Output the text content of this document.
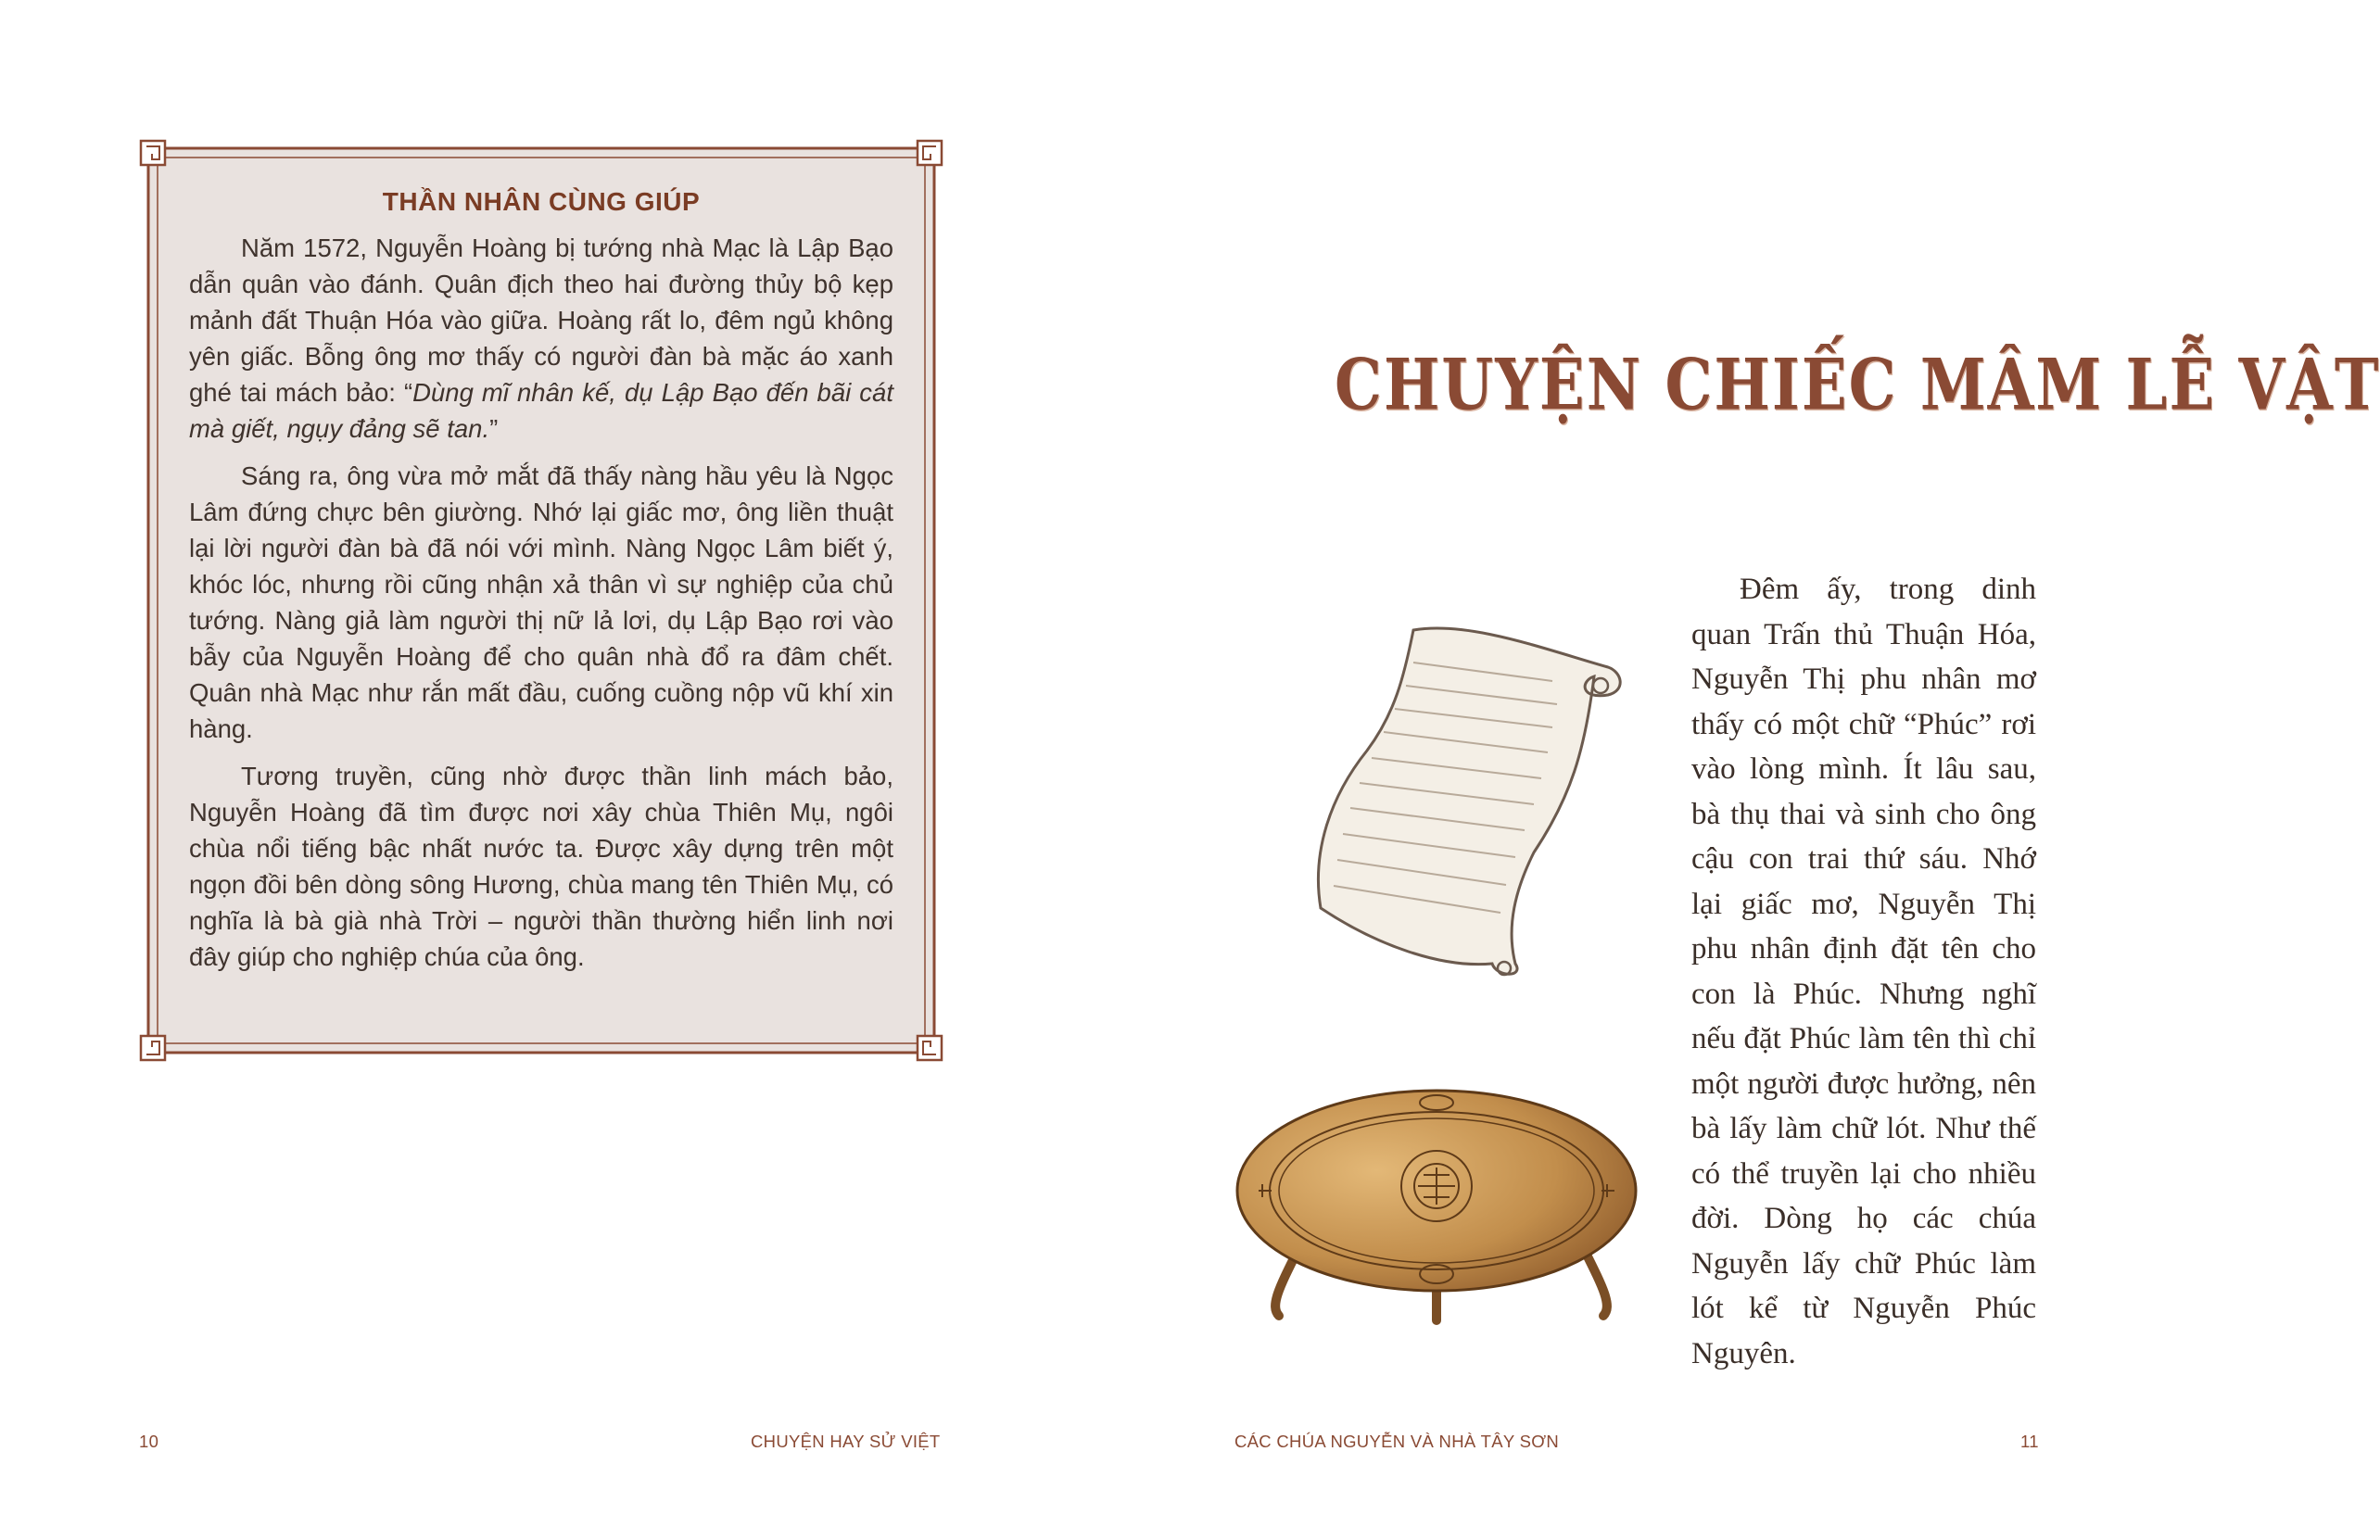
THẦN NHÂN CÙNG GIÚP

Năm 1572, Nguyễn Hoàng bị tướng nhà Mạc là Lập Bạo dẫn quân vào đánh. Quân địch theo hai đường thủy bộ kẹp mảnh đất Thuận Hóa vào giữa. Hoàng rất lo, đêm ngủ không yên giấc. Bỗng ông mơ thấy có người đàn bà mặc áo xanh ghé tai mách bảo: “Dùng mĩ nhân kế, dụ Lập Bạo đến bãi cát mà giết, ngụy đảng sẽ tan.”

Sáng ra, ông vừa mở mắt đã thấy nàng hầu yêu là Ngọc Lâm đứng chực bên giường. Nhớ lại giấc mơ, ông liền thuật lại lời người đàn bà đã nói với mình. Nàng Ngọc Lâm biết ý, khóc lóc, nhưng rồi cũng nhận xả thân vì sự nghiệp của chủ tướng. Nàng giả làm người thị nữ lả lơi, dụ Lập Bạo rơi vào bẫy của Nguyễn Hoàng để cho quân nhà đổ ra đâm chết. Quân nhà Mạc như rắn mất đầu, cuống cuồng nộp vũ khí xin hàng.

Tương truyền, cũng nhờ được thần linh mách bảo, Nguyễn Hoàng đã tìm được nơi xây chùa Thiên Mụ, ngôi chùa nổi tiếng bậc nhất nước ta. Được xây dựng trên một ngọn đồi bên dòng sông Hương, chùa mang tên Thiên Mụ, có nghĩa là bà già nhà Trời – người thần thường hiển linh nơi đây giúp cho nghiệp chúa của ông.

10	CHUYỆN HAY SỬ VIỆT
CHUYỆN CHIẾC MÂM LỄ VẬT

Đêm ấy, trong dinh quan Trấn thủ Thuận Hóa, Nguyễn Thị phu nhân mơ thấy có một chữ “Phúc” rơi vào lòng mình. Ít lâu sau, bà thụ thai và sinh cho ông cậu con trai thứ sáu. Nhớ lại giấc mơ, Nguyễn Thị phu nhân định đặt tên cho con là Phúc. Nhưng nghĩ nếu đặt Phúc làm tên thì chỉ một người được hưởng, nên bà lấy làm chữ lót. Như thế có thể truyền lại cho nhiều đời. Dòng họ các chúa Nguyễn lấy chữ Phúc làm lót kể từ Nguyễn Phúc Nguyên.

CÁC CHÚA NGUYỄN VÀ NHÀ TÂY SƠN	11
